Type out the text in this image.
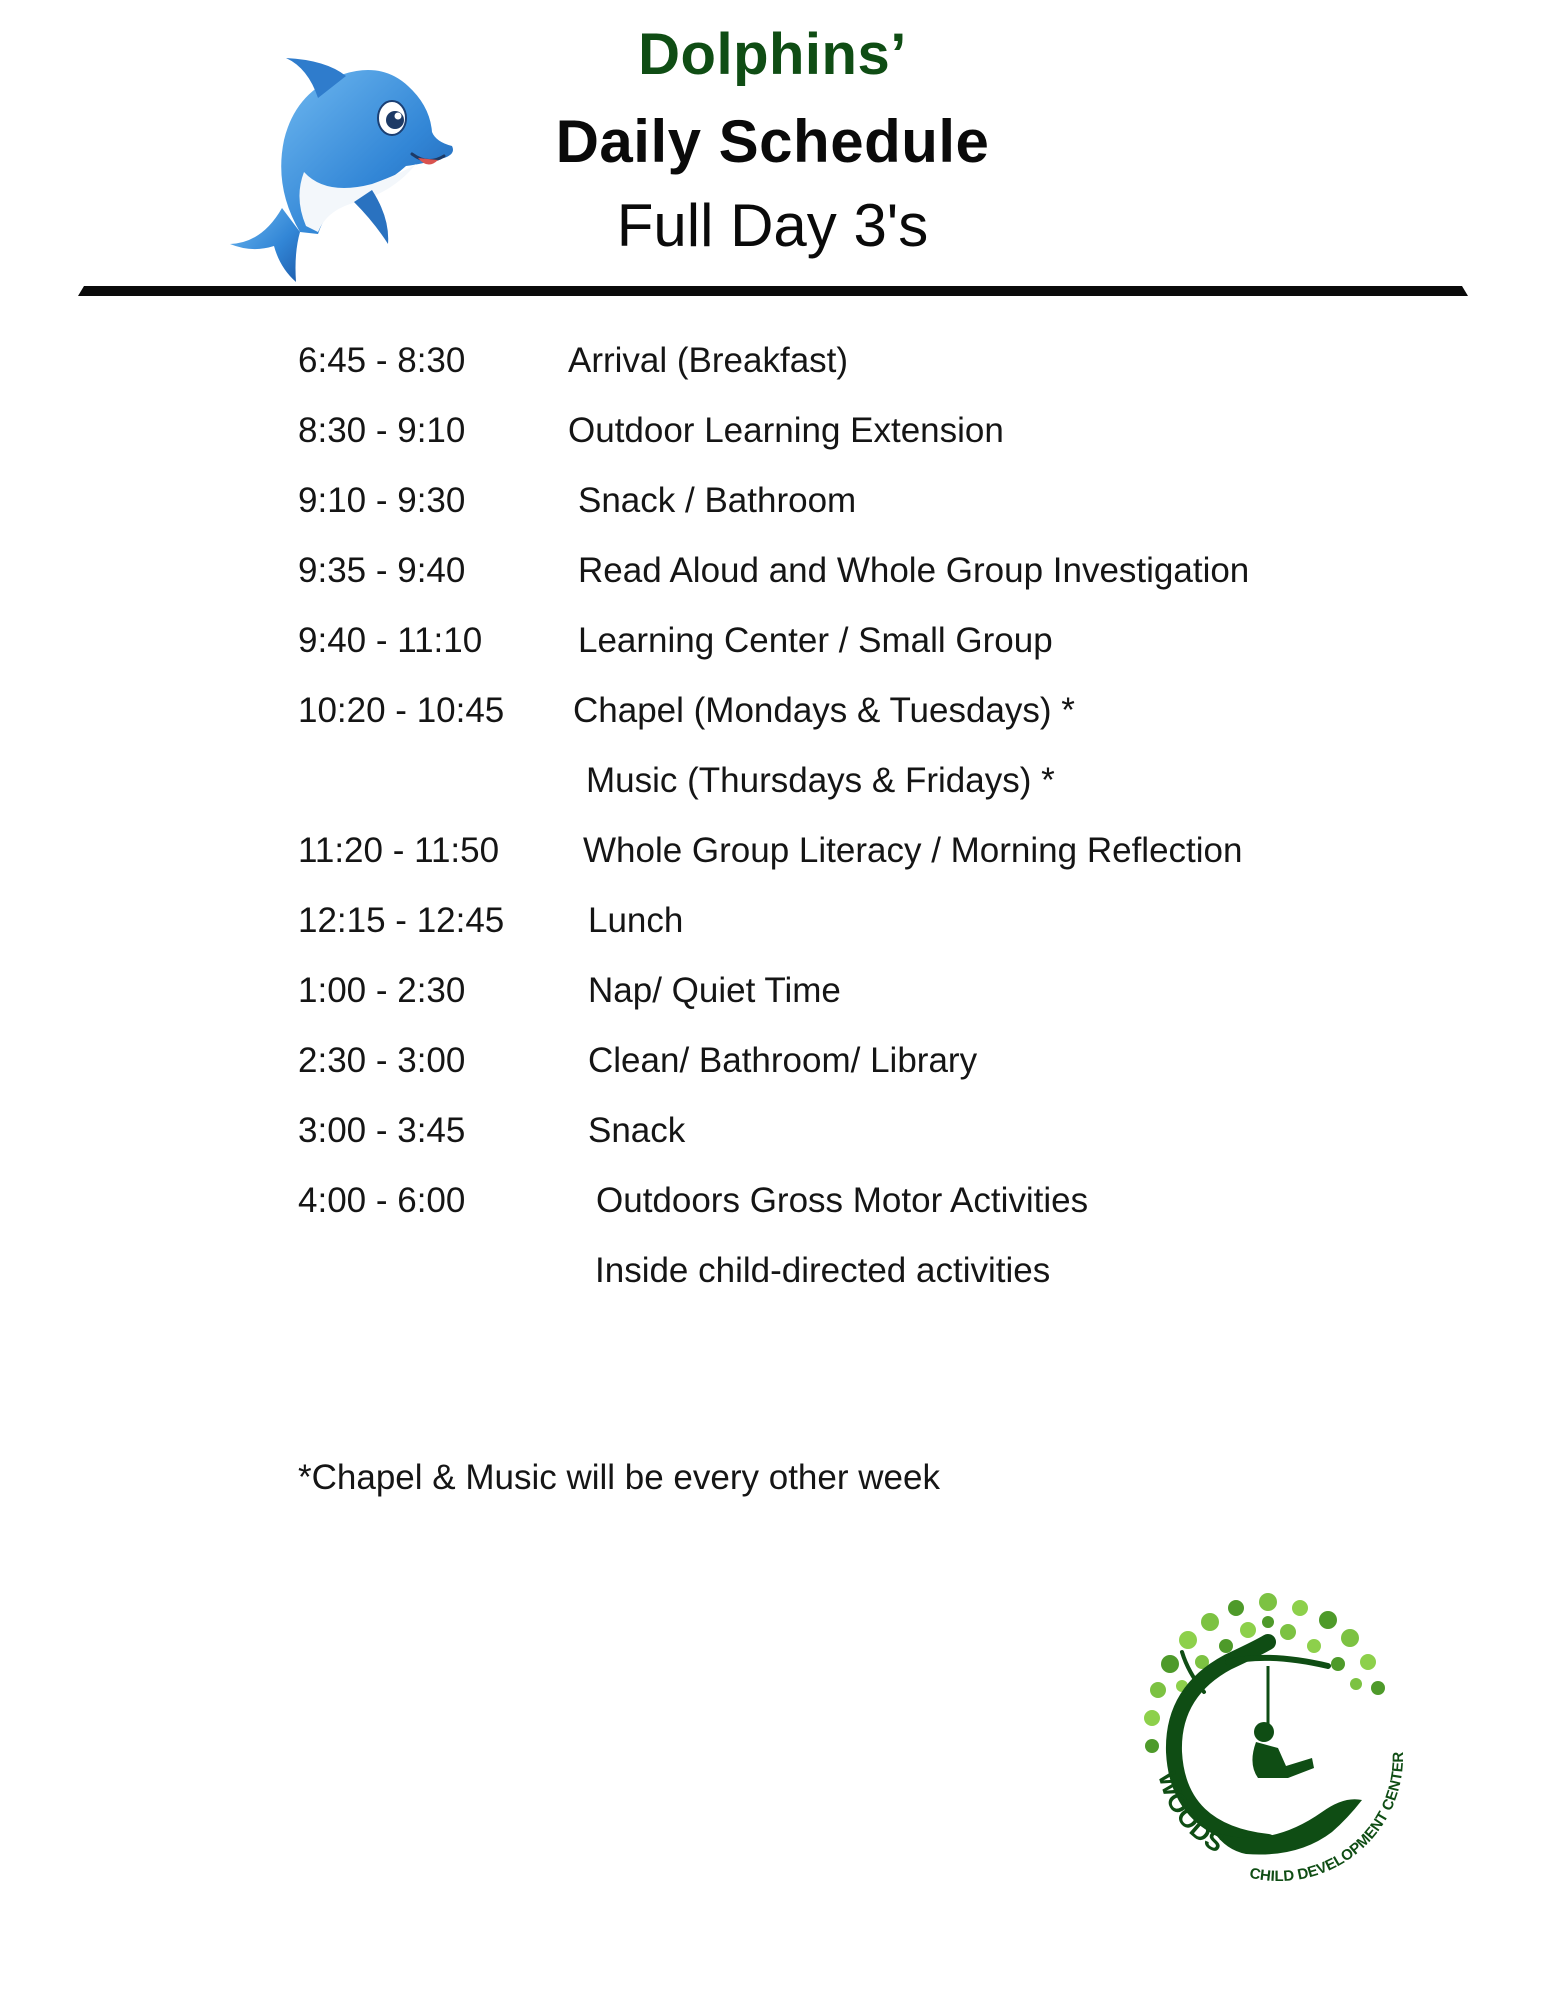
Dolphins’
Daily Schedule
Full Day 3's
6:45 - 8:30	Arrival (Breakfast)
8:30 - 9:10	Outdoor Learning Extension
9:10 - 9:30	Snack / Bathroom
9:35 - 9:40	Read Aloud and Whole Group Investigation
9:40 - 11:10	Learning Center / Small Group
10:20 - 10:45 Chapel (Mondays & Tuesdays) *
Music (Thursdays & Fridays) *
11:20 - 11:50 Whole Group Literacy / Morning Reflection
12:15 - 12:45 Lunch
1:00 - 2:30	Nap/ Quiet Time
2:30 - 3:00	Clean/ Bathroom/ Library
3:00 - 3:45	Snack
4:00 - 6:00	Outdoors Gross Motor Activities
Inside child-directed activities
*Chapel & Music will be every other week
WOODS
CHILD DEVELOPMENT CENTER
